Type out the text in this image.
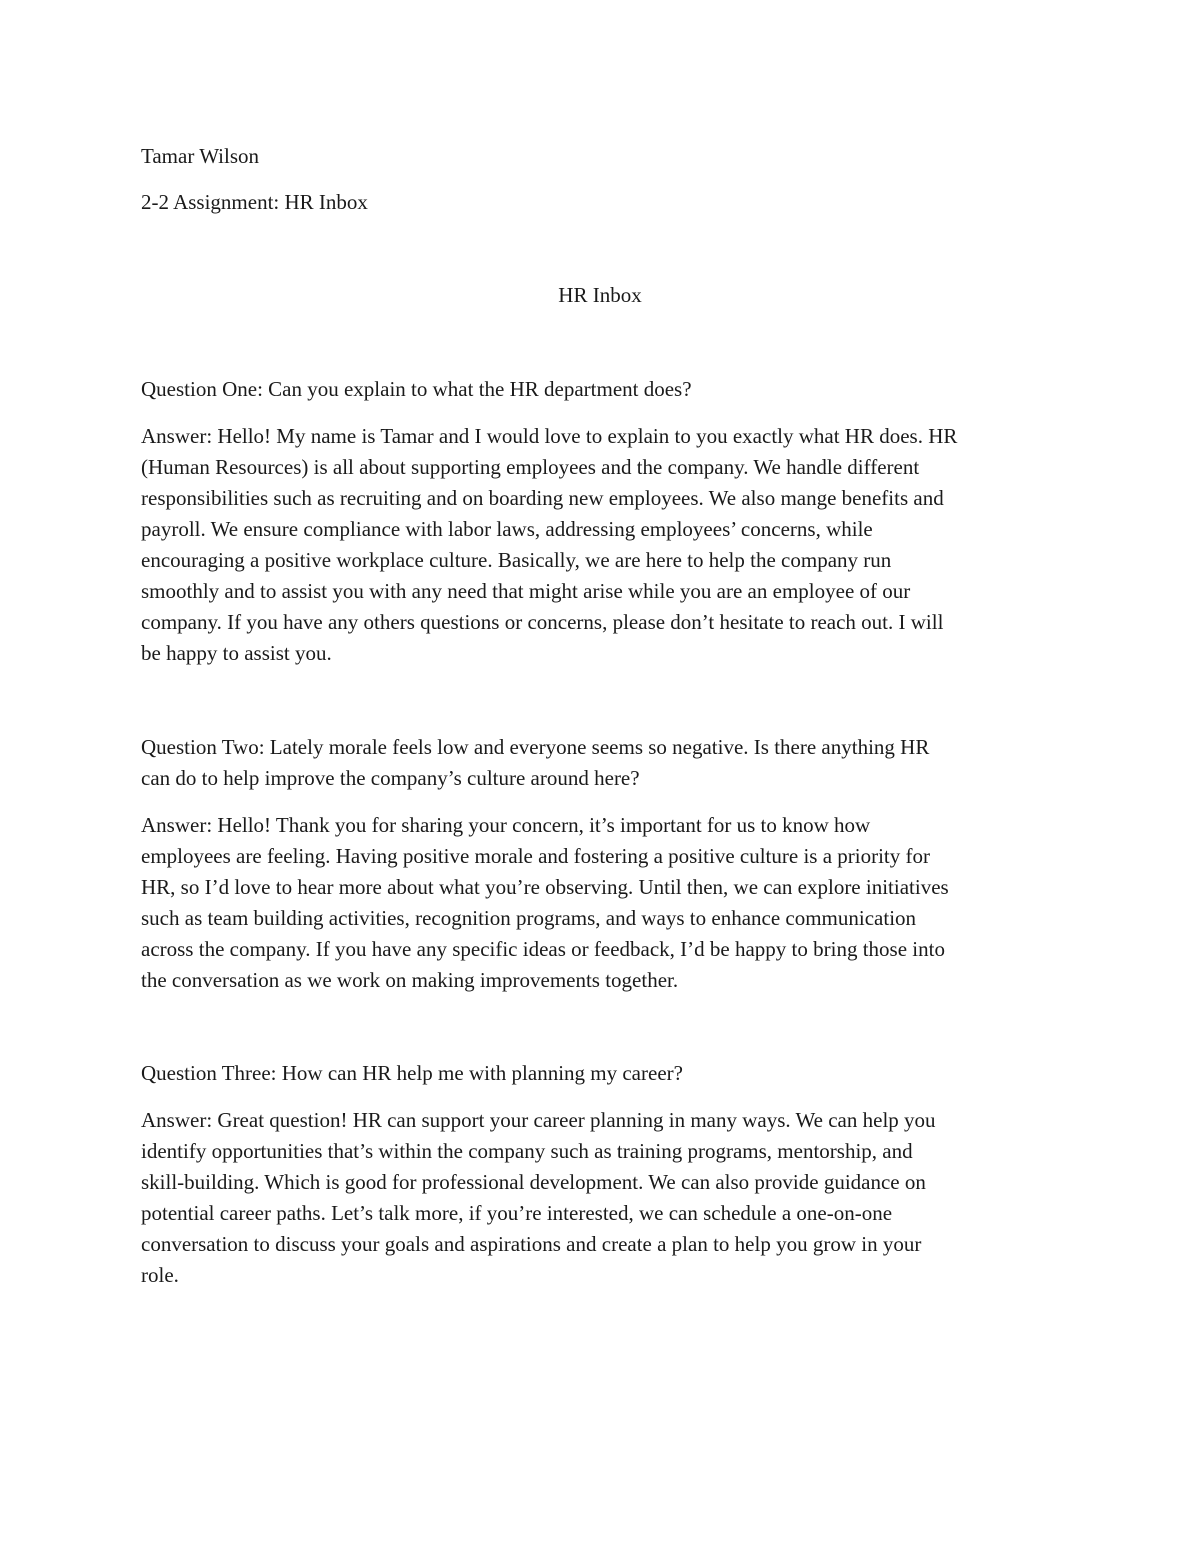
Tamar Wilson
2-2 Assignment: HR Inbox
HR Inbox
Question One: Can you explain to what the HR department does?
Answer: Hello! My name is Tamar and I would love to explain to you exactly what HR does. HR
(Human Resources) is all about supporting employees and the company. We handle different
responsibilities such as recruiting and on boarding new employees. We also mange benefits and
payroll. We ensure compliance with labor laws, addressing employees’ concerns, while
encouraging a positive workplace culture. Basically, we are here to help the company run
smoothly and to assist you with any need that might arise while you are an employee of our
company. If you have any others questions or concerns, please don’t hesitate to reach out. I will
be happy to assist you.
Question Two: Lately morale feels low and everyone seems so negative. Is there anything HR
can do to help improve the company’s culture around here?
Answer: Hello! Thank you for sharing your concern, it’s important for us to know how
employees are feeling. Having positive morale and fostering a positive culture is a priority for
HR, so I’d love to hear more about what you’re observing. Until then, we can explore initiatives
such as team building activities, recognition programs, and ways to enhance communication
across the company. If you have any specific ideas or feedback, I’d be happy to bring those into
the conversation as we work on making improvements together.
Question Three: How can HR help me with planning my career?
Answer: Great question! HR can support your career planning in many ways. We can help you
identify opportunities that’s within the company such as training programs, mentorship, and
skill-building. Which is good for professional development. We can also provide guidance on
potential career paths. Let’s talk more, if you’re interested, we can schedule a one-on-one
conversation to discuss your goals and aspirations and create a plan to help you grow in your
role.
